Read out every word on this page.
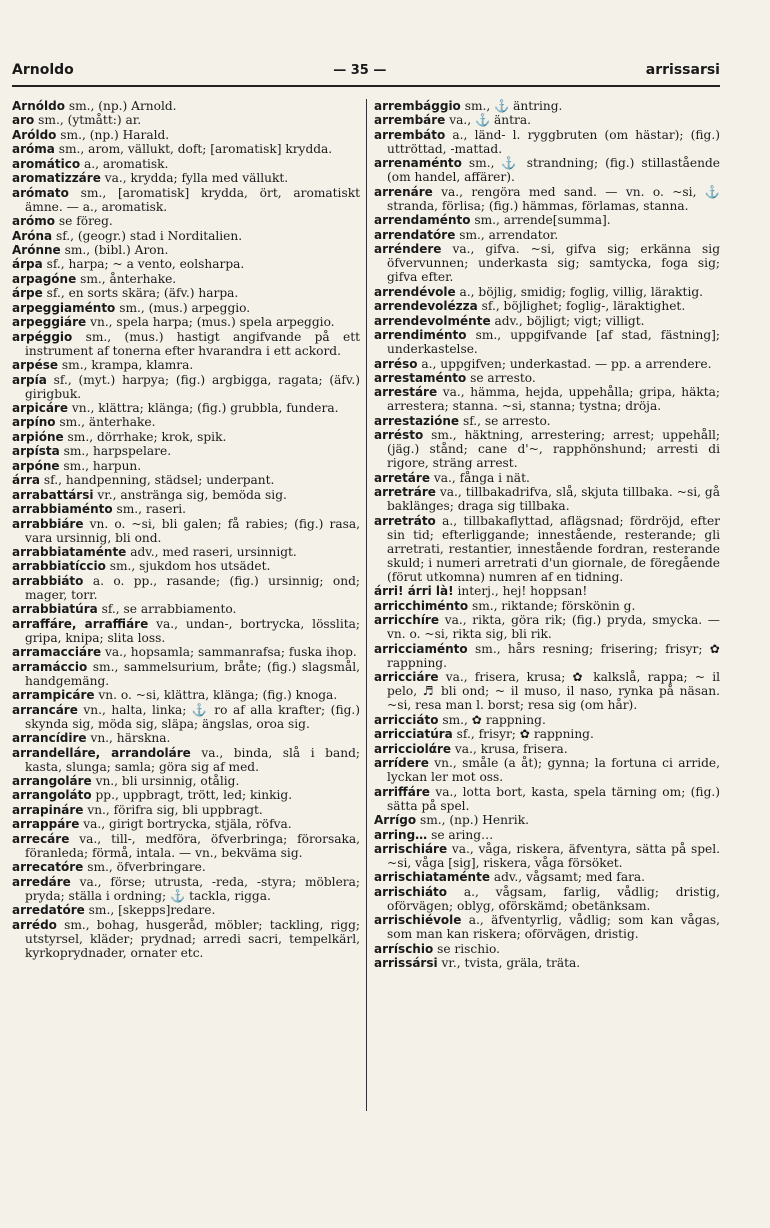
Arnoldo	— 35 —	arrissarsi

Arnóldo sm., (np.) Arnold.

aro sm., (ytmått:) ar.

Aróldo sm., (np.) Harald.

aróma sm., arom, vällukt, doft; [aromatisk] krydda.

aromático a., aromatisk.

aromatizzáre va., krydda; fylla med vällukt.

arómato sm., [aromatisk] krydda, ört, aromatiskt ämne. — a., aromatisk.

arómo se föreg.

Aróna sf., (geogr.) stad i Norditalien.

Arónne sm., (bibl.) Aron.

árpa sf., harpa; ~ a vento, eolsharpa.

arpagóne sm., ånterhake.

árpe sf., en sorts skära; (äfv.) harpa.

arpeggiaménto sm., (mus.) arpeggio.

arpeggiáre vn., spela harpa; (mus.) spela arpeggio.

arpéggio sm., (mus.) hastigt angifvande på ett instrument af tonerna efter hvarandra i ett ackord.

arpése sm., krampa, klamra.

arpía sf., (myt.) harpya; (fig.) argbigga, ragata; (äfv.) girigbuk.

arpicáre vn., klättra; klänga; (fig.) grubbla, fundera.

arpíno sm., änterhake.

arpióne sm., dörrhake; krok, spik.

arpísta sm., harpspelare.

arpóne sm., harpun.

árra sf., handpenning, städsel; underpant.

arrabattársi vr., anstränga sig, bemöda sig.

arrabbiaménto sm., raseri.

arrabbiáre vn. o. ~si, bli galen; få rabies; (fig.) rasa, vara ursinnig, bli ond.

arrabbiataménte adv., med raseri, ursinnigt.

arrabbiatíccio sm., sjukdom hos utsädet.

arrabbiáto a. o. pp., rasande; (fig.) ursinnig; ond; mager, torr.

arrabbiatúra sf., se arrabbiamento.

arraffáre, arraffiáre va., undan-, bortrycka, lösslita; gripa, knipa; slita loss.

arramacciáre va., hopsamla; sammanrafsa; fuska ihop.

arramáccio sm., sammelsurium, bråte; (fig.) slagsmål, handgemäng.

arrampicáre vn. o. ~si, klättra, klänga; (fig.) knoga.

arrancáre vn., halta, linka; ⚓ ro af alla krafter; (fig.) skynda sig, möda sig, släpa; ängslas, oroa sig.

arrancídire vn., härskna.

arrandelláre, arrandoláre va., binda, slå i band; kasta, slunga; samla; göra sig af med.

arrangoláre vn., bli ursinnig, otålig.

arrangoláto pp., uppbragt, trött, led; kinkig.

arrapináre vn., förifra sig, bli uppbragt.

arrappáre va., girigt bortrycka, stjäla, röfva.

arrecáre va., till-, medföra, öfverbringa; förorsaka, föranleda; förmå, intala. — vn., bekväma sig.

arrecatóre sm., öfverbringare.

arredáre va., förse; utrusta, -reda, -styra; möblera; pryda; ställa i ordning; ⚓ tackla, rigga.

arredatóre sm., [skepps]redare.

arrédo sm., bohag, husgeråd, möbler; tackling, rigg; utstyrsel, kläder; prydnad; arredi sacri, tempelkärl, kyrkoprydnader, ornater etc.

arrembággio sm., ⚓ äntring.

arrembáre va., ⚓ äntra.

arrembáto a., länd- l. ryggbruten (om hästar); (fig.) uttröttad, -mattad.

arrenaménto sm., ⚓ strandning; (fig.) stillastående (om handel, affärer).

arrenáre va., rengöra med sand. — vn. o. ~si, ⚓ stranda, förlisa; (fig.) hämmas, förlamas, stanna.

arrendaménto sm., arrende[summa].

arrendatóre sm., arrendator.

arréndere va., gifva. ~si, gifva sig; erkänna sig öfvervunnen; underkasta sig; samtycka, foga sig; gifva efter.

arrendévole a., böjlig, smidig; foglig, villig, läraktig.

arrendevolézza sf., böjlighet; foglig-, läraktighet.

arrendevolménte adv., böjligt; vigt; villigt.

arrendiménto sm., uppgifvande [af stad, fästning]; underkastelse.

arréso a., uppgifven; underkastad. — pp. a arrendere.

arrestaménto se arresto.

arrestáre va., hämma, hejda, uppehålla; gripa, häkta; arrestera; stanna. ~si, stanna; tystna; dröja.

arrestazióne sf., se arresto.

arrésto sm., häktning, arrestering; arrest; uppehåll; (jäg.) stånd; cane d'~, rapphönshund; arresti di rigore, sträng arrest.

arretáre va., fånga i nät.

arretráre va., tillbakadrifva, slå, skjuta tillbaka. ~si, gå baklänges; draga sig tillbaka.

arretráto a., tillbakaflyttad, aflägsnad; fördröjd, efter sin tid; efterliggande; innestående, resterande; gli arretrati, restantier, innestående fordran, resterande skuld; i numeri arretrati d'un giornale, de föregående (förut utkomna) numren af en tidning.

árri! árri là! interj., hej! hoppsan!

arricchiménto sm., riktande; förskönin g.

arricchíre va., rikta, göra rik; (fig.) pryda, smycka. — vn. o. ~si, rikta sig, bli rik.

arricciaménto sm., hårs resning; frisering; frisyr; ✿ rappning.

arricciáre va., frisera, krusa; ✿ kalkslå, rappa; ~ il pelo, ♬ bli ond; ~ il muso, il naso, rynka på näsan. ~si, resa man l. borst; resa sig (om hår).

arricciáto sm., ✿ rappning.

arricciatúra sf., frisyr; ✿ rappning.

arricciolάre va., krusa, frisera.

arrídere vn., småle (a åt); gynna; la fortuna ci arride, lyckan ler mot oss.

arriffáre va., lotta bort, kasta, spela tärning om; (fig.) sätta på spel.

Arrígo sm., (np.) Henrik.

arring… se aring…

arrischiáre va., våga, riskera, äfventyra, sätta på spel. ~si, våga [sig], riskera, våga försöket.

arrischiataménte adv., vågsamt; med fara.

arrischiáto a., vågsam, farlig, vådlig; dristig, oförvägen; oblyg, oförskämd; obetänksam.

arrischiévole a., äfventyrlig, vådlig; som kan vågas, som man kan riskera; oförvägen, dristig.

arríschio se rischio.

arrissársi vr., tvista, gräla, träta.
